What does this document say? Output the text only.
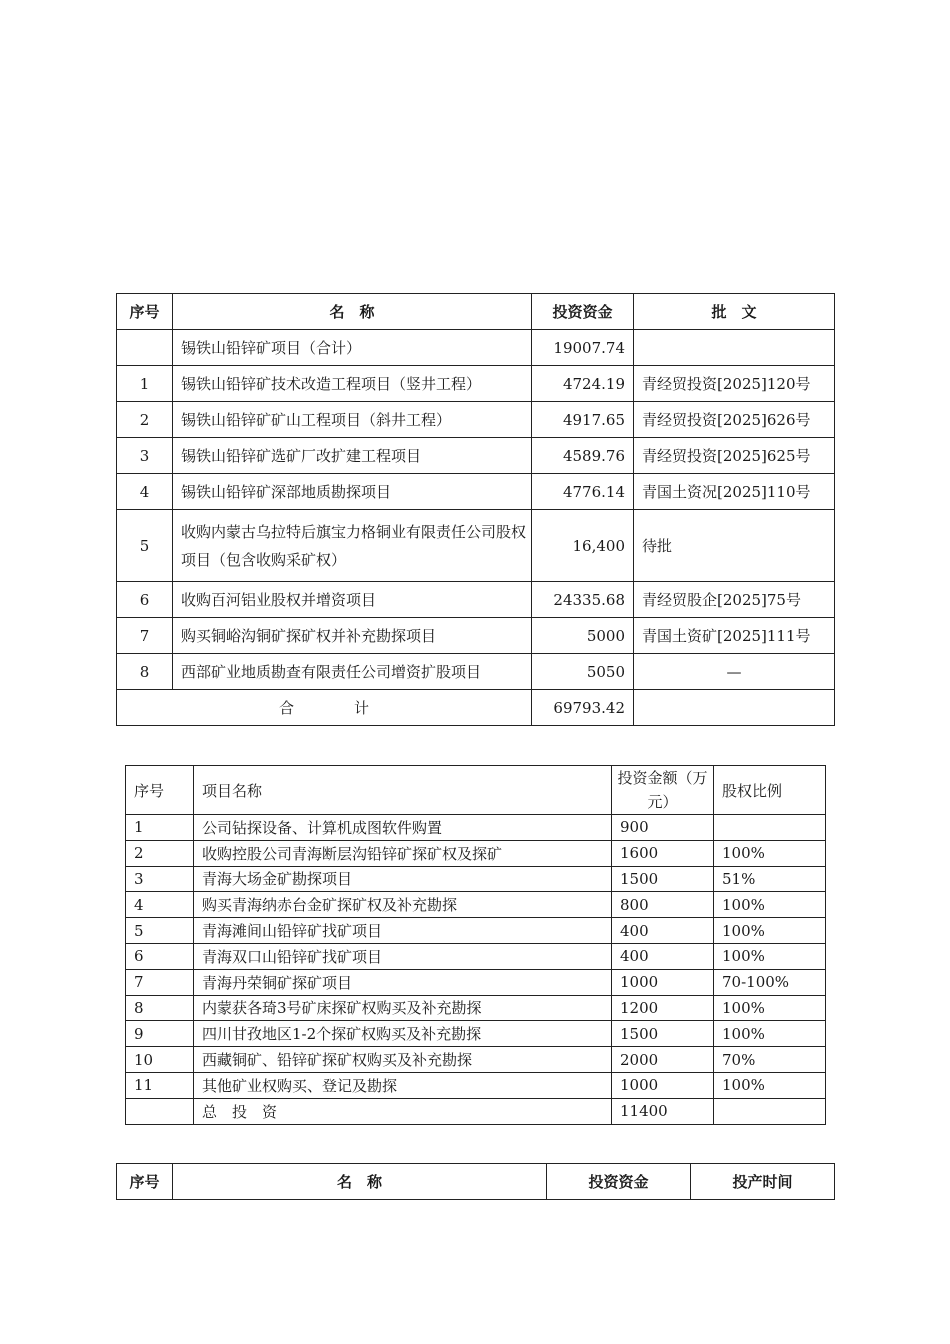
序号	名　称	投资资金	批　文
	锡铁山铅锌矿项目（合计）	19007.74	
1	锡铁山铅锌矿技术改造工程项目（竖井工程）	4724.19	青经贸投资[2025]120号
2	锡铁山铅锌矿矿山工程项目（斜井工程）	4917.65	青经贸投资[2025]626号
3	锡铁山铅锌矿选矿厂改扩建工程项目	4589.76	青经贸投资[2025]625号
4	锡铁山铅锌矿深部地质勘探项目	4776.14	青国土资况[2025]110号
5	收购内蒙古乌拉特后旗宝力格铜业有限责任公司股权项目（包含收购采矿权）	16,400	待批
6	收购百河铝业股权并增资项目	24335.68	青经贸股企[2025]75号
7	购买铜峪沟铜矿探矿权并补充勘探项目	5000	青国土资矿[2025]111号
8	西部矿业地质勘查有限责任公司增资扩股项目	5050	—
合　　　　计		69793.42	
序号	项目名称	投资金额（万元）	股权比例
1	公司钻探设备、计算机成图软件购置	900	
2	收购控股公司青海断层沟铅锌矿探矿权及探矿	1600	100%
3	青海大场金矿勘探项目	1500	51%
4	购买青海纳赤台金矿探矿权及补充勘探	800	100%
5	青海滩间山铅锌矿找矿项目	400	100%
6	青海双口山铅锌矿找矿项目	400	100%
7	青海丹荣铜矿探矿项目	1000	70-100%
8	内蒙获各琦3号矿床探矿权购买及补充勘探	1200	100%
9	四川甘孜地区1-2个探矿权购买及补充勘探	1500	100%
10	西藏铜矿、铅锌矿探矿权购买及补充勘探	2000	70%
11	其他矿业权购买、登记及勘探	1000	100%
	总　投　资	11400	
序号	名　称	投资资金	投产时间
